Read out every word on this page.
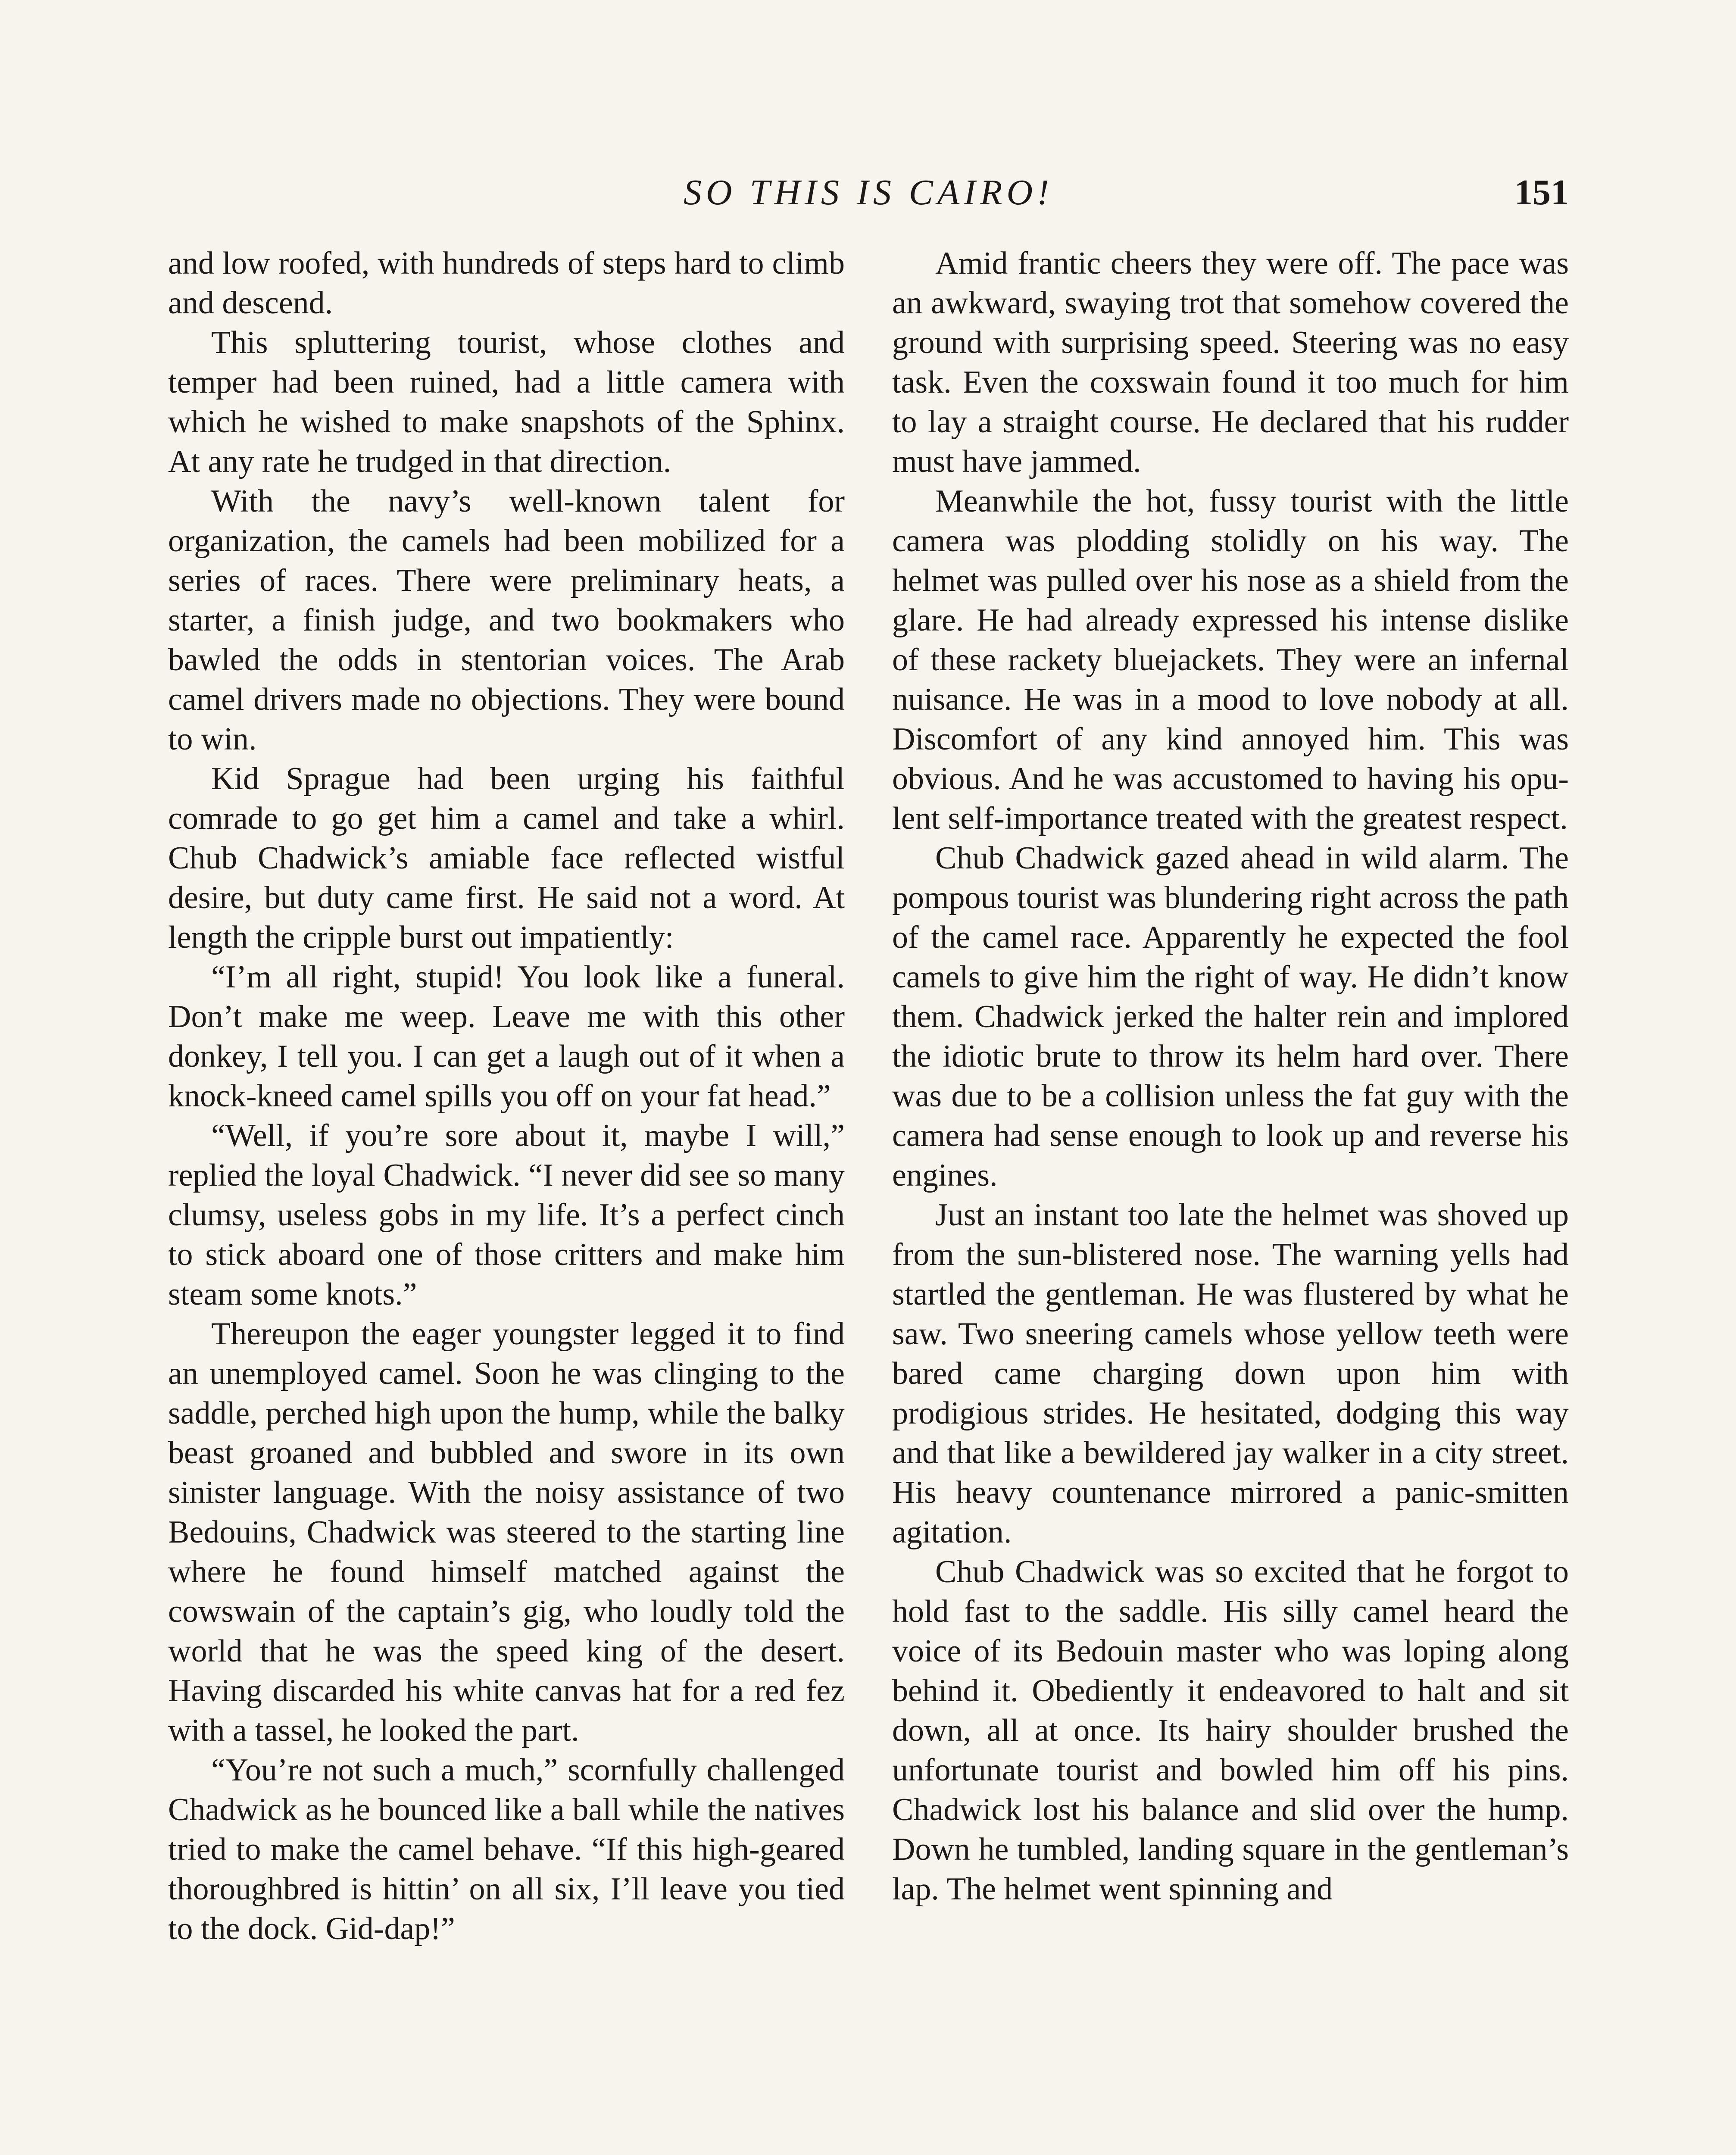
SO THIS IS CAIRO!	151

and low roofed, with hundreds of steps hard to climb and descend.

This spluttering tourist, whose clothes and temper had been ruined, had a little camera with which he wished to make snapshots of the Sphinx. At any rate he trudged in that direction.

With the navy’s well-known talent for organization, the camels had been mobilized for a series of races. There were preliminary heats, a starter, a finish judge, and two bookmakers who bawled the odds in stentorian voices. The Arab camel drivers made no objections. They were bound to win.

Kid Sprague had been urging his faithful comrade to go get him a camel and take a whirl. Chub Chadwick’s amiable face reflected wistful desire, but duty came first. He said not a word. At length the cripple burst out impatiently:

“I’m all right, stupid! You look like a funeral. Don’t make me weep. Leave me with this other donkey, I tell you. I can get a laugh out of it when a knock-kneed camel spills you off on your fat head.”

“Well, if you’re sore about it, maybe I will,” replied the loyal Chadwick. “I never did see so many clumsy, useless gobs in my life. It’s a perfect cinch to stick aboard one of those critters and make him steam some knots.”

Thereupon the eager youngster legged it to find an unemployed camel. Soon he was clinging to the saddle, perched high upon the hump, while the balky beast groaned and bubbled and swore in its own sinister language. With the noisy assistance of two Bedouins, Chadwick was steered to the starting line where he found himself matched against the cowswain of the captain’s gig, who loudly told the world that he was the speed king of the desert. Having discarded his white canvas hat for a red fez with a tassel, he looked the part.

“You’re not such a much,” scornfully challenged Chadwick as he bounced like a ball while the natives tried to make the camel behave. “If this high-geared thoroughbred is hittin’ on all six, I’ll leave you tied to the dock. Gid-dap!”

Amid frantic cheers they were off. The pace was an awkward, swaying trot that somehow covered the ground with surprising speed. Steering was no easy task. Even the coxswain found it too much for him to lay a straight course. He declared that his rudder must have jammed.

Meanwhile the hot, fussy tourist with the little camera was plodding stolidly on his way. The helmet was pulled over his nose as a shield from the glare. He had already expressed his intense dislike of these rackety bluejackets. They were an infernal nuisance. He was in a mood to love nobody at all. Discomfort of any kind annoyed him. This was obvious. And he was accustomed to having his opulent self-importance treated with the greatest respect.

Chub Chadwick gazed ahead in wild alarm. The pompous tourist was blundering right across the path of the camel race. Apparently he expected the fool camels to give him the right of way. He didn’t know them. Chadwick jerked the halter rein and implored the idiotic brute to throw its helm hard over. There was due to be a collision unless the fat guy with the camera had sense enough to look up and reverse his engines.

Just an instant too late the helmet was shoved up from the sun-blistered nose. The warning yells had startled the gentleman. He was flustered by what he saw. Two sneering camels whose yellow teeth were bared came charging down upon him with prodigious strides. He hesitated, dodging this way and that like a bewildered jay walker in a city street. His heavy countenance mirrored a panic-smitten agitation.

Chub Chadwick was so excited that he forgot to hold fast to the saddle. His silly camel heard the voice of its Bedouin master who was loping along behind it. Obediently it endeavored to halt and sit down, all at once. Its hairy shoulder brushed the unfortunate tourist and bowled him off his pins. Chadwick lost his balance and slid over the hump. Down he tumbled, landing square in the gentleman’s lap. The helmet went spinning and
